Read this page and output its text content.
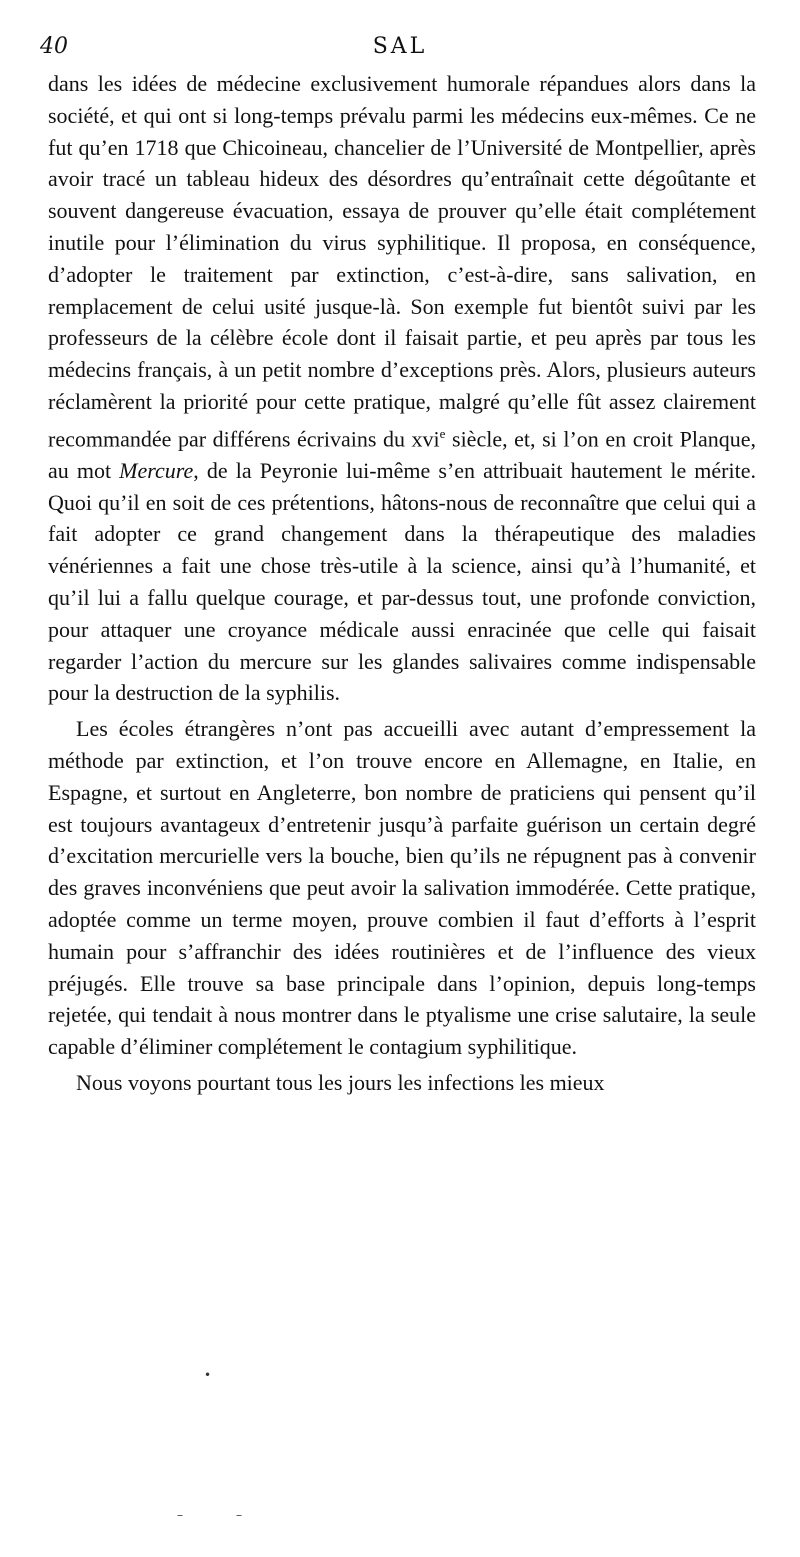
40	SAL

dans les idées de médecine exclusivement humorale répandues alors dans la société, et qui ont si long-temps prévalu parmi les médecins eux-mêmes. Ce ne fut qu’en 1718 que Chicoineau, chancelier de l’Université de Montpellier, après avoir tracé un tableau hideux des désordres qu’entraînait cette dégoûtante et souvent dangereuse évacuation, essaya de prouver qu’elle était complétement inutile pour l’élimination du virus syphilitique. Il proposa, en conséquence, d’adopter le traitement par extinction, c’est-à-dire, sans salivation, en remplacement de celui usité jusque-là. Son exemple fut bientôt suivi par les professeurs de la célèbre école dont il faisait partie, et peu après par tous les médecins français, à un petit nombre d’exceptions près. Alors, plusieurs auteurs réclamèrent la priorité pour cette pratique, malgré qu’elle fût assez clairement recommandée par différens écrivains du xvi$^e$ siècle, et, si l’on en croit Planque, au mot Mercure, de la Peyronie lui-même s’en attribuait hautement le mérite. Quoi qu’il en soit de ces prétentions, hâtons-nous de reconnaître que celui qui a fait adopter ce grand changement dans la thérapeutique des maladies vénériennes a fait une chose très-utile à la science, ainsi qu’à l’humanité, et qu’il lui a fallu quelque courage, et par-dessus tout, une profonde conviction, pour attaquer une croyance médicale aussi enracinée que celle qui faisait regarder l’action du mercure sur les glandes salivaires comme indispensable pour la destruction de la syphilis.

Les écoles étrangères n’ont pas accueilli avec autant d’empressement la méthode par extinction, et l’on trouve encore en Allemagne, en Italie, en Espagne, et surtout en Angleterre, bon nombre de praticiens qui pensent qu’il est toujours avantageux d’entretenir jusqu’à parfaite guérison un certain degré d’excitation mercurielle vers la bouche, bien qu’ils ne répugnent pas à convenir des graves inconvéniens que peut avoir la salivation immodérée. Cette pratique, adoptée comme un terme moyen, prouve combien il faut d’efforts à l’esprit humain pour s’affranchir des idées routinières et de l’influence des vieux préjugés. Elle trouve sa base principale dans l’opinion, depuis long-temps rejetée, qui tendait à nous montrer dans le ptyalisme une crise salutaire, la seule capable d’éliminer complétement le contagium syphilitique.

Nous voyons pourtant tous les jours les infections les mieux

•
–	–
